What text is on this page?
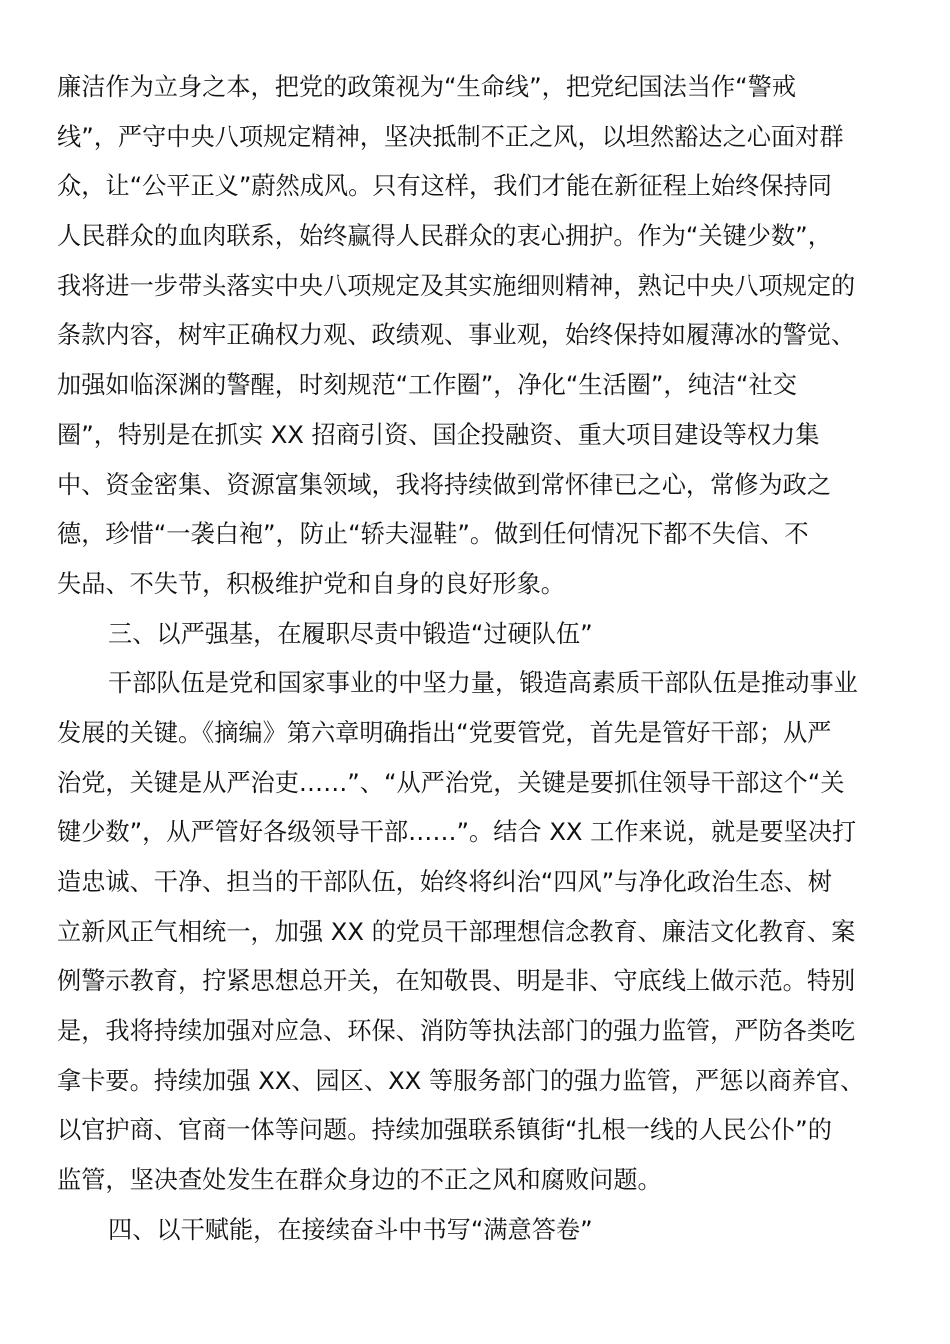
廉洁作为立身之本，把党的政策视为“生命线”，把党纪国法当作“警戒
线”，严守中央八项规定精神，坚决抵制不正之风，以坦然豁达之心面对群
众，让“公平正义”蔚然成风。只有这样，我们才能在新征程上始终保持同
人民群众的血肉联系，始终赢得人民群众的衷心拥护。作为“关键少数”，
我将进一步带头落实中央八项规定及其实施细则精神，熟记中央八项规定的
条款内容，树牢正确权力观、政绩观、事业观，始终保持如履薄冰的警觉、
加强如临深渊的警醒，时刻规范“工作圈”，净化“生活圈”，纯洁“社交
圈”，特别是在抓实 XX 招商引资、国企投融资、重大项目建设等权力集
中、资金密集、资源富集领域，我将持续做到常怀律已之心，常修为政之
德，珍惜“一袭白袍”，防止“轿夫湿鞋”。做到任何情况下都不失信、不
失品、不失节，积极维护党和自身的良好形象。
三、以严强基，在履职尽责中锻造“过硬队伍”
干部队伍是党和国家事业的中坚力量，锻造高素质干部队伍是推动事业
发展的关键。《摘编》第六章明确指出“党要管党，首先是管好干部；从严
治党，关键是从严治吏……”、“从严治党，关键是要抓住领导干部这个“关
键少数”，从严管好各级领导干部……”。结合 XX 工作来说，就是要坚决打
造忠诚、干净、担当的干部队伍，始终将纠治“四风”与净化政治生态、树
立新风正气相统一，加强 XX 的党员干部理想信念教育、廉洁文化教育、案
例警示教育，拧紧思想总开关，在知敬畏、明是非、守底线上做示范。特别
是，我将持续加强对应急、环保、消防等执法部门的强力监管，严防各类吃
拿卡要。持续加强 XX、园区、XX 等服务部门的强力监管，严惩以商养官、
以官护商、官商一体等问题。持续加强联系镇街“扎根一线的人民公仆”的
监管，坚决查处发生在群众身边的不正之风和腐败问题。
四、以干赋能，在接续奋斗中书写“满意答卷”
